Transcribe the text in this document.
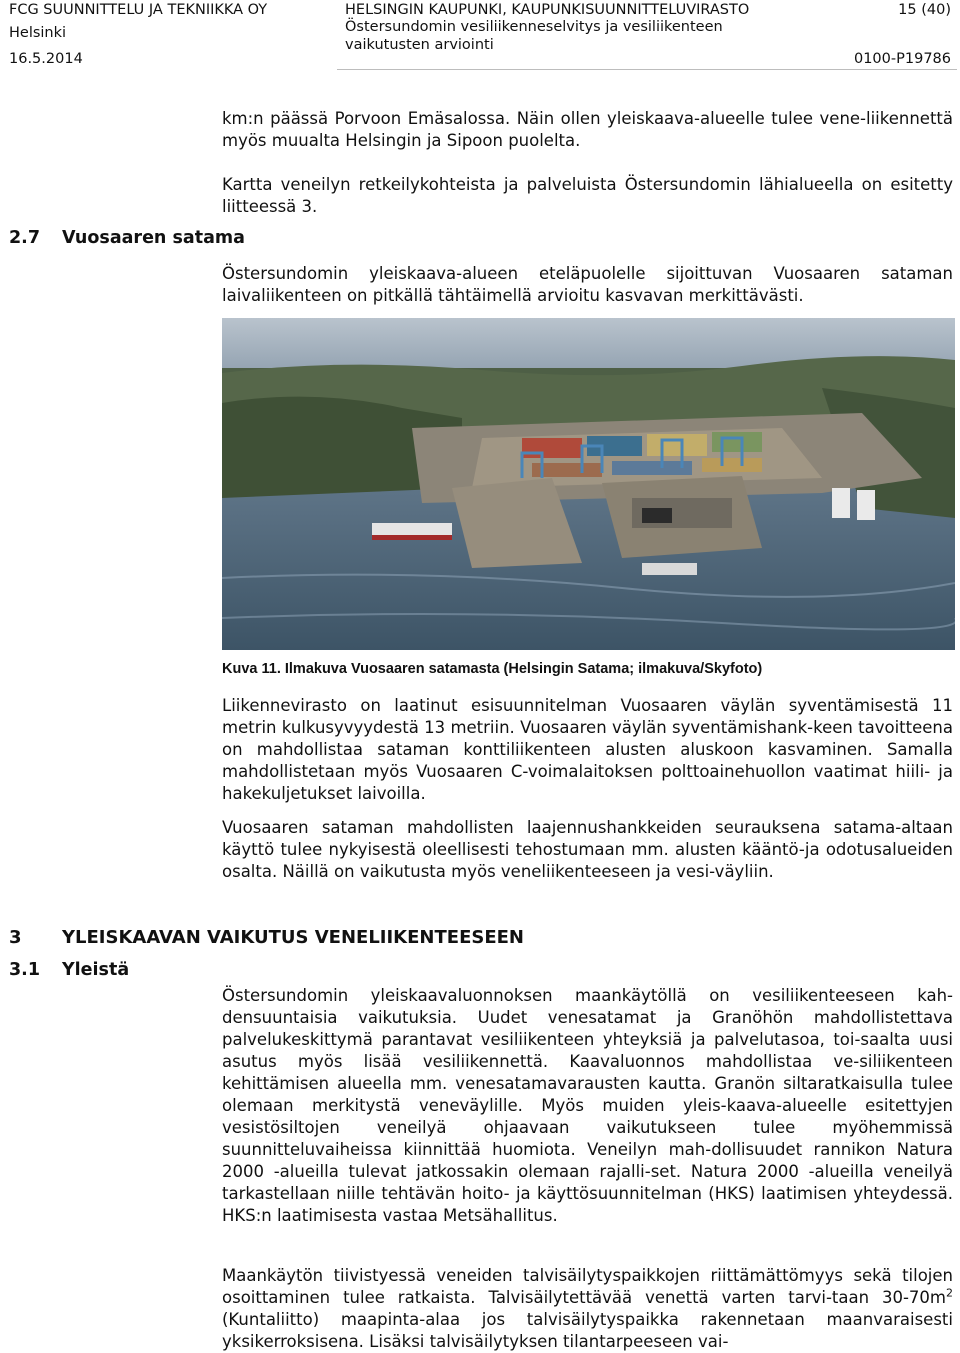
FCG SUUNNITTELU JA TEKNIIKKA OY
Helsinki
16.5.2014
HELSINGIN KAUPUNKI, KAUPUNKISUUNNITTELUVIRASTO
Östersundomin vesiliikenneselvitys ja vesiliikenteen
vaikutusten arviointi
15 (40)
0100-P19786

km:n päässä Porvoon Emäsalossa. Näin ollen yleiskaava-alueelle tulee vene-liikennettä myös muualta Helsingin ja Sipoon puolelta.

Kartta veneilyn retkeilykohteista ja palveluista Östersundomin lähialueella on esitetty liitteessä 3.

2.7 Vuosaaren satama

Östersundomin yleiskaava-alueen eteläpuolelle sijoittuvan Vuosaaren sataman laivaliikenteen on pitkällä tähtäimellä arvioitu kasvavan merkittävästi.

Kuva 11. Ilmakuva Vuosaaren satamasta (Helsingin Satama; ilmakuva/Skyfoto)

Liikennevirasto on laatinut esisuunnitelman Vuosaaren väylän syventämisestä 11 metrin kulkusyvyydestä 13 metriin. Vuosaaren väylän syventämishank-keen tavoitteena on mahdollistaa sataman konttiliikenteen alusten aluskoon kasvaminen. Samalla mahdollistetaan myös Vuosaaren C-voimalaitoksen polttoainehuollon vaatimat hiili- ja hakekuljetukset laivoilla.

Vuosaaren sataman mahdollisten laajennushankkeiden seurauksena satama-altaan käyttö tulee nykyisestä oleellisesti tehostumaan mm. alusten kääntö-ja odotusalueiden osalta. Näillä on vaikutusta myös veneliikenteeseen ja vesi-väyliin.

3 YLEISKAAVAN VAIKUTUS VENELIIKENTEESEEN
3.1 Yleistä

Östersundomin yleiskaavaluonnoksen maankäytöllä on vesiliikenteeseen kah-densuuntaisia vaikutuksia. Uudet venesatamat ja Granöhön mahdollistettava palvelukeskittymä parantavat vesiliikenteen yhteyksiä ja palvelutasoa, toi-saalta uusi asutus myös lisää vesiliikennettä. Kaavaluonnos mahdollistaa ve-siliikenteen kehittämisen alueella mm. venesatamavarausten kautta. Granön siltaratkaisulla tulee olemaan merkitystä veneväylille. Myös muiden yleis-kaava-alueelle esitettyjen vesistösiltojen veneilyä ohjaavaan vaikutukseen tulee myöhemmissä suunnitteluvaiheissa kiinnittää huomiota. Veneilyn mah-dollisuudet rannikon Natura 2000 -alueilla tulevat jatkossakin olemaan rajalli-set. Natura 2000 -alueilla veneilyä tarkastellaan niille tehtävän hoito- ja käyttösuunnitelman (HKS) laatimisen yhteydessä. HKS:n laatimisesta vastaa Metsähallitus.

Maankäytön tiivistyessä veneiden talvisäilytyspaikkojen riittämättömyys sekä tilojen osoittaminen tulee ratkaista. Talvisäilytettävää venettä varten tarvi-taan $30-70m^2$ (Kuntaliitto) maapinta-alaa jos talvisäilytyspaikka rakennetaan maanvaraisesti yksikerroksisena. Lisäksi talvisäilytyksen tilantarpeeseen vai-
